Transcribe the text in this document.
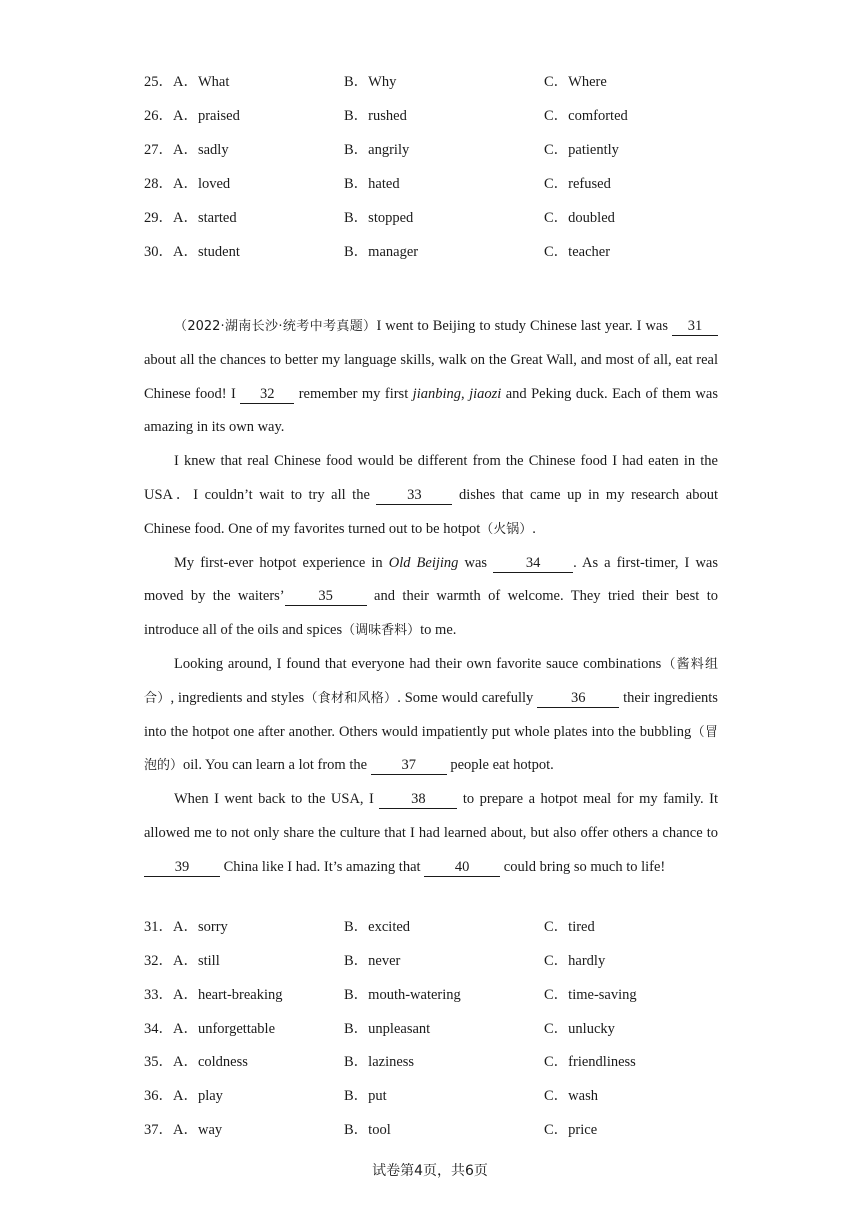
25．A．What	B．Why	C．Where
26．A．praised	B．rushed	C．comforted
27．A．sadly	B．angrily	C．patiently
28．A．loved	B．hated	C．refused
29．A．started	B．stopped	C．doubled
30．A．student	B．manager	C．teacher

（2022·湖南长沙·统考中考真题）I went to Beijing to study Chinese last year. I was 31 about all the chances to better my language skills, walk on the Great Wall, and most of all, eat real Chinese food! I 32 remember my first jianbing, jiaozi and Peking duck. Each of them was amazing in its own way.

I knew that real Chinese food would be different from the Chinese food I had eaten in the USA．I couldn’t wait to try all the 33 dishes that came up in my research about Chinese food. One of my favorites turned out to be hotpot（火锅）.

My first-ever hotpot experience in Old Beijing was 34 . As a first-timer, I was moved by the waiters’ 35 and their warmth of welcome. They tried their best to introduce all of the oils and spices（调味香料）to me.

Looking around, I found that everyone had their own favorite sauce combinations（酱料组合）, ingredients and styles（食材和风格）. Some would carefully 36 their ingredients into the hotpot one after another. Others would impatiently put whole plates into the bubbling（冒泡的）oil. You can learn a lot from the 37 people eat hotpot.

When I went back to the USA, I 38 to prepare a hotpot meal for my family. It allowed me to not only share the culture that I had learned about, but also offer others a chance to 39 China like I had. It’s amazing that 40 could bring so much to life!

31．A．sorry	B．excited	C．tired
32．A．still	B．never	C．hardly
33．A．heart-breaking	B．mouth-watering	C．time-saving
34．A．unforgettable	B．unpleasant	C．unlucky
35．A．coldness	B．laziness	C．friendliness
36．A．play	B．put	C．wash
37．A．way	B．tool	C．price
试卷第4页，共6页
